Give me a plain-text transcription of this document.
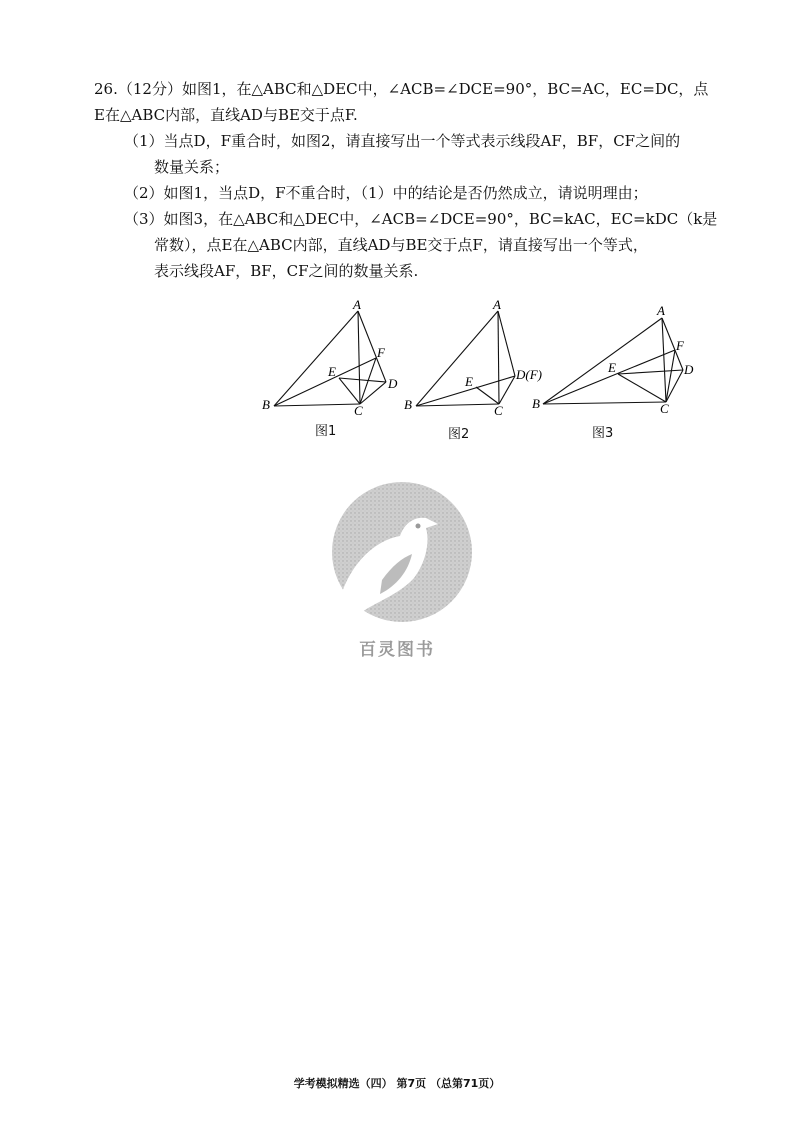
26.（12分）如图1，在△ABC和△DEC中，∠ACB=∠DCE=90°，BC=AC，EC=DC，点
E在△ABC内部，直线AD与BE交于点F.
（1）当点D，F重合时，如图2，请直接写出一个等式表示线段AF，BF，CF之间的
数量关系；
（2）如图1，当点D，F不重合时，（1）中的结论是否仍然成立，请说明理由；
（3）如图3，在△ABC和△DEC中，∠ACB=∠DCE=90°，BC=kAC，EC=kDC（k是
常数），点E在△ABC内部，直线AD与BE交于点F，请直接写出一个等式，
表示线段AF，BF，CF之间的数量关系.
A
B	C
D
E
F
图1
A
B	C
D(F)
E
图2
A
B	C
D
E
F
图3
百灵图书
学考模拟精选（四） 第7页 （总第71页）
